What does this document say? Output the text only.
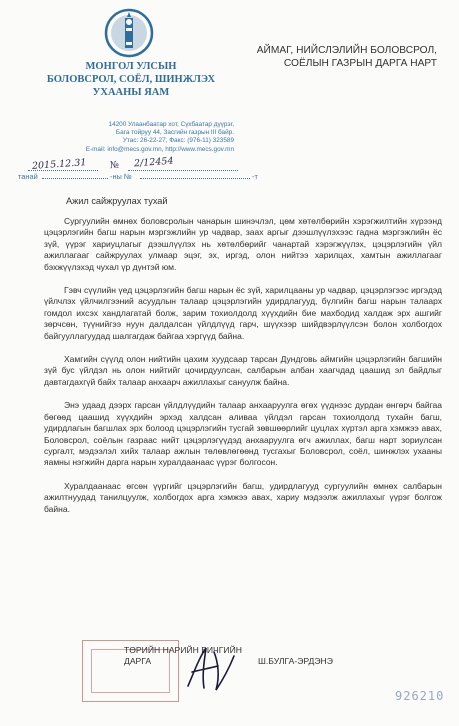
МОНГОЛ УЛСЫН
БОЛОВСРОЛ, СОЁЛ, ШИНЖЛЭХ
УХААНЫ ЯАМ
14200 Улаанбаатар хот, Сүхбаатар дүүрэг,
Бага тойруу 44, Засгийн газрын III байр.
Утас: 26-22-27, Факс: (976-11) 323589
E-mail: info@mecs.gov.mn, http://www.mecs.gov.mn
АЙМАГ, НИЙСЛЭЛИЙН БОЛОВСРОЛ,
СОЁЛЫН ГАЗРЫН ДАРГА НАРТ
2015.12.31 № 2/12454
танай	-ны №	-т
Ажил сайжруулах тухай

Сургуулийн өмнөх боловсролын чанарын шинэчлэл, цөм хөтөлбөрийн хэрэгжилтийн хүрээнд цэцэрлэгийн багш нарын мэргэжлийн ур чадвар, заах аргыг дээшлүүлэхээс гадна мэргэжлийн ёс зүй, үүрэг хариуцлагыг дээшлүүлэх нь хөтөлбөрийг чанартай хэрэгжүүлэх, цэцэрлэгийн үйл ажиллагааг сайжруулах улмаар эцэг, эх, иргэд, олон нийтээ харилцах, хамтын ажиллагааг бэхжүүлэхэд чухал үр дүнтэй юм.

Гэвч сүүлийн үед цэцэрлэгийн багш нарын ёс зүй, харилцааны ур чадвар, цэцэрлэгээс иргэдэд үйлчлэх үйлчилгээний асуудлын талаар цэцэрлэгийн удирдлагууд, бүлгийн багш нарын талаарх гомдол ихсэх хандлагатай болж, зарим тохиолдолд хүүхдийн бие махбодид халдаж эрх ашгийг зөрчсөн, түүнийгээ нуун далдалсан үйлдлүүд гарч, шүүхээр шийдвэрлүүлсэн болон холбогдох байгууллагуудад шалгагдаж байгаа хэргүүд байна.

Хамгийн сүүлд олон нийтийн цахим хуудсаар тарсан Дундговь аймгийн цэцэрлэгийн багшийн зүй бус үйлдэл нь олон нийтийг цочирдуулсан, салбарын албан хаагчдад цаашид эл байдлыг давтагдахгүй байх талаар анхаарч ажиллахыг сануулж байна.

Энэ удаад дээрх гарсан үйлдлүүдийн талаар анхааруулга өгөх үүднээс дурдан өнгөрч байгаа бөгөөд цаашид хүүхдийн эрхэд халдсан аливаа үйлдэл гарсан тохиолдолд тухайн багш, удирдлагын багшлах эрх болоод цэцэрлэгийн тусгай зөвшөөрлийг цуцлах хүртэл арга хэмжээ авах, Боловсрол, соёлын газраас нийт цэцэрлэгүүдэд анхааруулга өгч ажиллах, багш нарт зориулсан сургалт, мэдээлэл хийх талаар ажлын төлөвлөгөөнд тусгахыг Боловсрол, соёл, шинжлэх ухааны яамны нэгжийн дарга нарын хуралдаанаас үүрэг болгосон.

Хуралдаанаас өгсөн үүргийг цэцэрлэгийн багш, удирдлагууд сургуулийн өмнөх салбарын ажилтнуудад танилцуулж, холбогдох арга хэмжээ авах, хариу мэдээлж ажиллахыг үүрэг болгож байна.

ТӨРИЙН НАРИЙН БИЧГИЙН
ДАРГА	Ш.БУЛГА-ЭРДЭНЭ
926210
